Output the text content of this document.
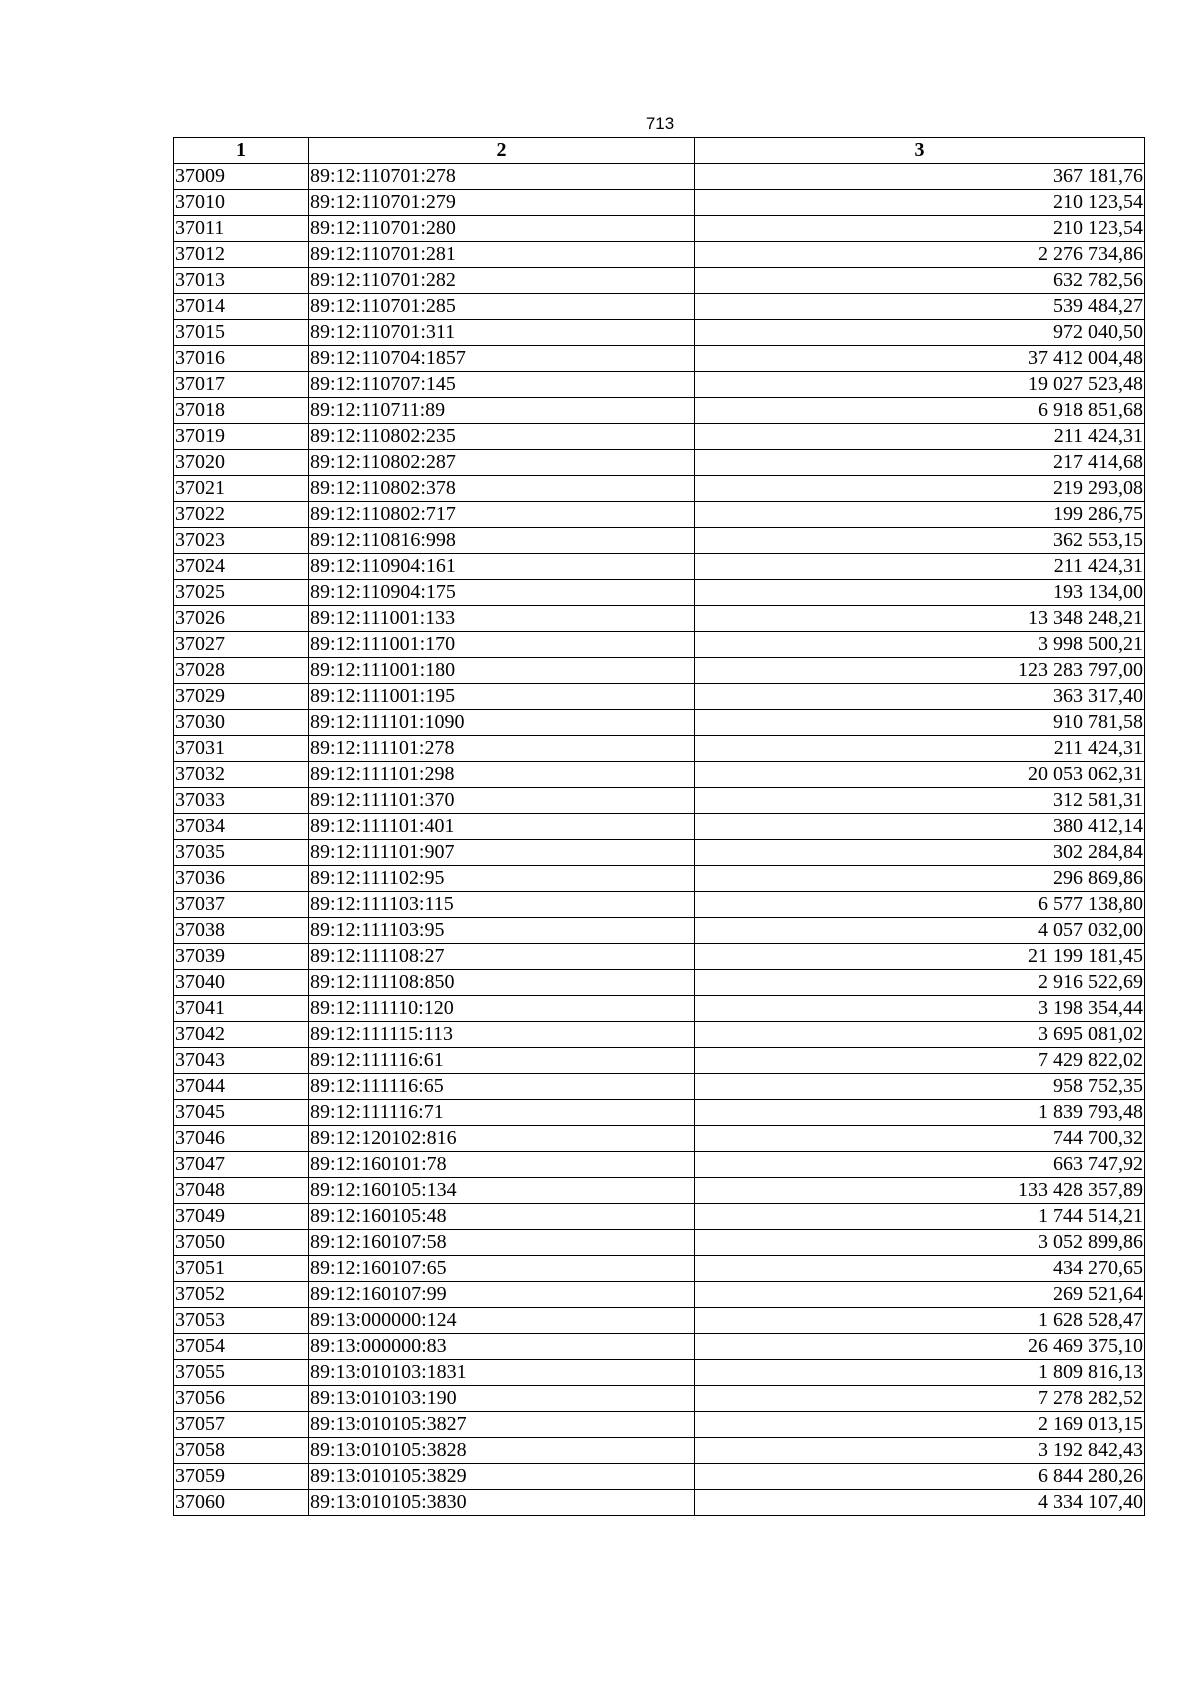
713
1	2	3
37009	89:12:110701:278	367 181,76
37010	89:12:110701:279	210 123,54
37011	89:12:110701:280	210 123,54
37012	89:12:110701:281	2 276 734,86
37013	89:12:110701:282	632 782,56
37014	89:12:110701:285	539 484,27
37015	89:12:110701:311	972 040,50
37016	89:12:110704:1857	37 412 004,48
37017	89:12:110707:145	19 027 523,48
37018	89:12:110711:89	6 918 851,68
37019	89:12:110802:235	211 424,31
37020	89:12:110802:287	217 414,68
37021	89:12:110802:378	219 293,08
37022	89:12:110802:717	199 286,75
37023	89:12:110816:998	362 553,15
37024	89:12:110904:161	211 424,31
37025	89:12:110904:175	193 134,00
37026	89:12:111001:133	13 348 248,21
37027	89:12:111001:170	3 998 500,21
37028	89:12:111001:180	123 283 797,00
37029	89:12:111001:195	363 317,40
37030	89:12:111101:1090	910 781,58
37031	89:12:111101:278	211 424,31
37032	89:12:111101:298	20 053 062,31
37033	89:12:111101:370	312 581,31
37034	89:12:111101:401	380 412,14
37035	89:12:111101:907	302 284,84
37036	89:12:111102:95	296 869,86
37037	89:12:111103:115	6 577 138,80
37038	89:12:111103:95	4 057 032,00
37039	89:12:111108:27	21 199 181,45
37040	89:12:111108:850	2 916 522,69
37041	89:12:111110:120	3 198 354,44
37042	89:12:111115:113	3 695 081,02
37043	89:12:111116:61	7 429 822,02
37044	89:12:111116:65	958 752,35
37045	89:12:111116:71	1 839 793,48
37046	89:12:120102:816	744 700,32
37047	89:12:160101:78	663 747,92
37048	89:12:160105:134	133 428 357,89
37049	89:12:160105:48	1 744 514,21
37050	89:12:160107:58	3 052 899,86
37051	89:12:160107:65	434 270,65
37052	89:12:160107:99	269 521,64
37053	89:13:000000:124	1 628 528,47
37054	89:13:000000:83	26 469 375,10
37055	89:13:010103:1831	1 809 816,13
37056	89:13:010103:190	7 278 282,52
37057	89:13:010105:3827	2 169 013,15
37058	89:13:010105:3828	3 192 842,43
37059	89:13:010105:3829	6 844 280,26
37060	89:13:010105:3830	4 334 107,40
